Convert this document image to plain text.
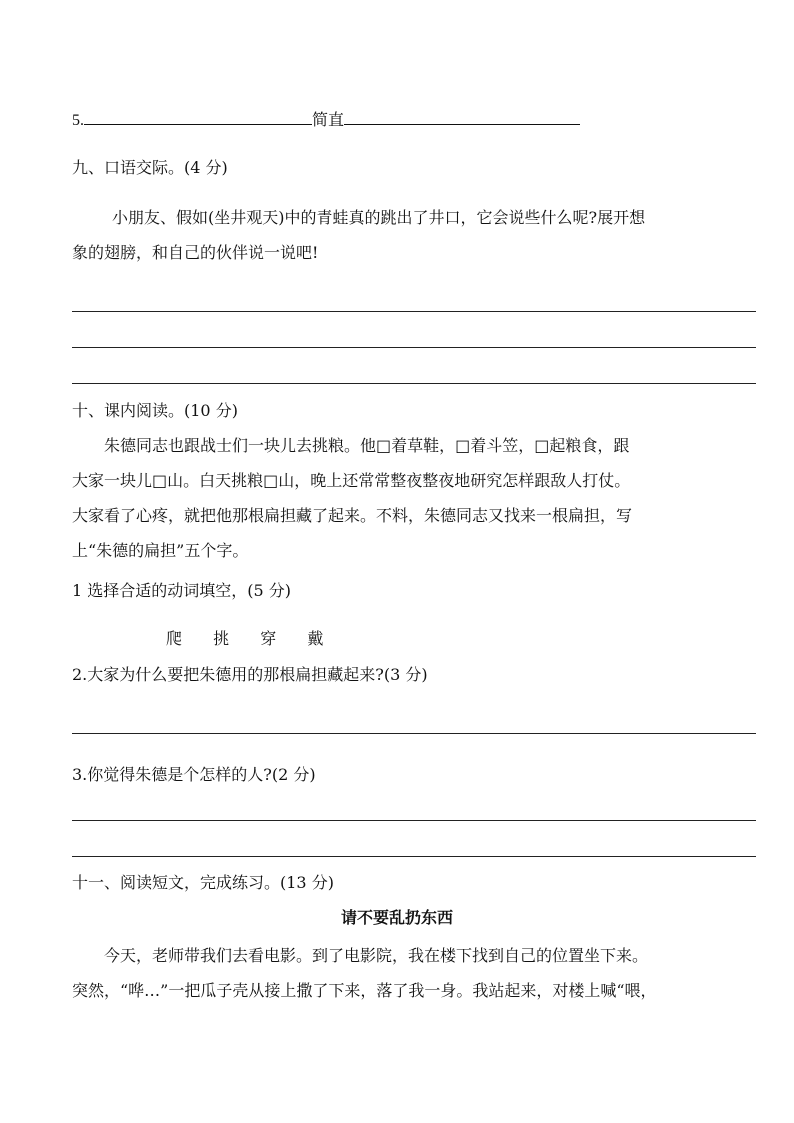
5.	简直
九、口语交际。(4 分)
小朋友、假如(坐井观天)中的青蛙真的跳出了井口，它会说些什么呢?展开想
象的翅膀，和自己的伙伴说一说吧!
十、课内阅读。(10 分)
朱德同志也跟战士们一块儿去挑粮。他□着草鞋，□着斗笠，□起粮食，跟
大家一块儿□山。白天挑粮□山，晚上还常常整夜整夜地研究怎样跟敌人打仗。
大家看了心疼，就把他那根扁担藏了起来。不料，朱德同志又找来一根扁担，写
上“朱德的扁担”五个字。
1 选择合适的动词填空，(5 分)
爬 挑 穿 戴
2.大家为什么要把朱德用的那根扁担藏起来?(3 分)
3.你觉得朱德是个怎样的人?(2 分)
十一、阅读短文，完成练习。(13 分)
请不要乱扔东西
今天，老师带我们去看电影。到了电影院，我在楼下找到自己的位置坐下来。
突然，“哗…”一把瓜子壳从接上撒了下来，落了我一身。我站起来，对楼上喊“喂，
